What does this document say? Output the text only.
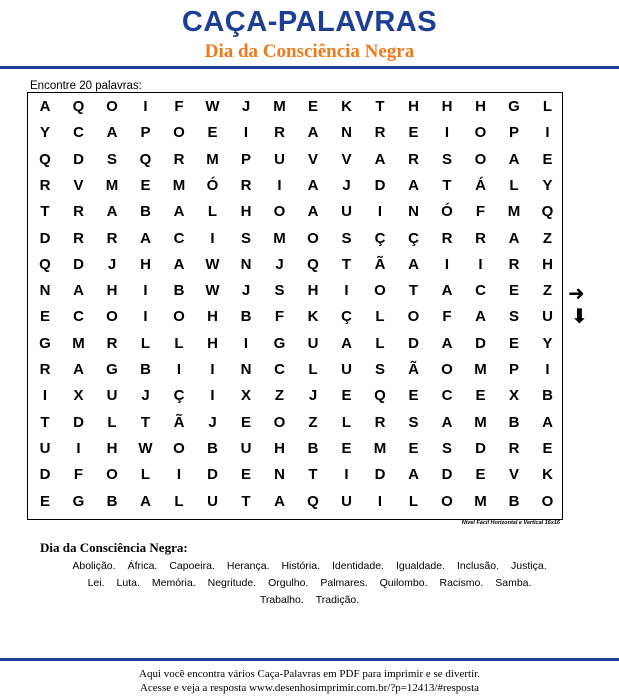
CAÇA-PALAVRAS
Dia da Consciência Negra
Encontre 20 palavras:
A	Q	O	I	F	W	J	M	E	K	T	H	H	H	G	L
Y	C	A	P	O	E	I	R	A	N	R	E	I	O	P	I
Q	D	S	Q	R	M	P	U	V	V	A	R	S	O	A	E
R	V	M	E	M	Ó	R	I	A	J	D	A	T	Á	L	Y
T	R	A	B	A	L	H	O	A	U	I	N	Ó	F	M	Q
D	R	R	A	C	I	S	M	O	S	Ç	Ç	R	R	A	Z
Q	D	J	H	A	W	N	J	Q	T	Ã	A	I	I	R	H
N	A	H	I	B	W	J	S	H	I	O	T	A	C	E	Z
E	C	O	I	O	H	B	F	K	Ç	L	O	F	A	S	U
G	M	R	L	L	H	I	G	U	A	L	D	A	D	E	Y
R	A	G	B	I	I	N	C	L	U	S	Ã	O	M	P	I
I	X	U	J	Ç	I	X	Z	J	E	Q	E	C	E	X	B
T	D	L	T	Ã	J	E	O	Z	L	R	S	A	M	B	A
U	I	H	W	O	B	U	H	B	E	M	E	S	D	R	E
D	F	O	L	I	D	E	N	T	I	D	A	D	E	V	K
E	G	B	A	L	U	T	A	Q	U	I	L	O	M	B	O
Nível Fácil Horizontal e Vertical 16x16
➜
⬇
Dia da Consciência Negra:
Abolição. África. Capoeira. Herança. História. Identidade. Igualdade. Inclusão. Justiça.
Lei. Luta. Memória. Negritude. Orgulho. Palmares. Quilombo. Racismo. Samba.
Trabalho. Tradição.
Aqui você encontra vários Caça-Palavras em PDF para imprimir e se divertir.
Acesse e veja a resposta www.desenhosimprimir.com.br/?p=12413/#resposta
